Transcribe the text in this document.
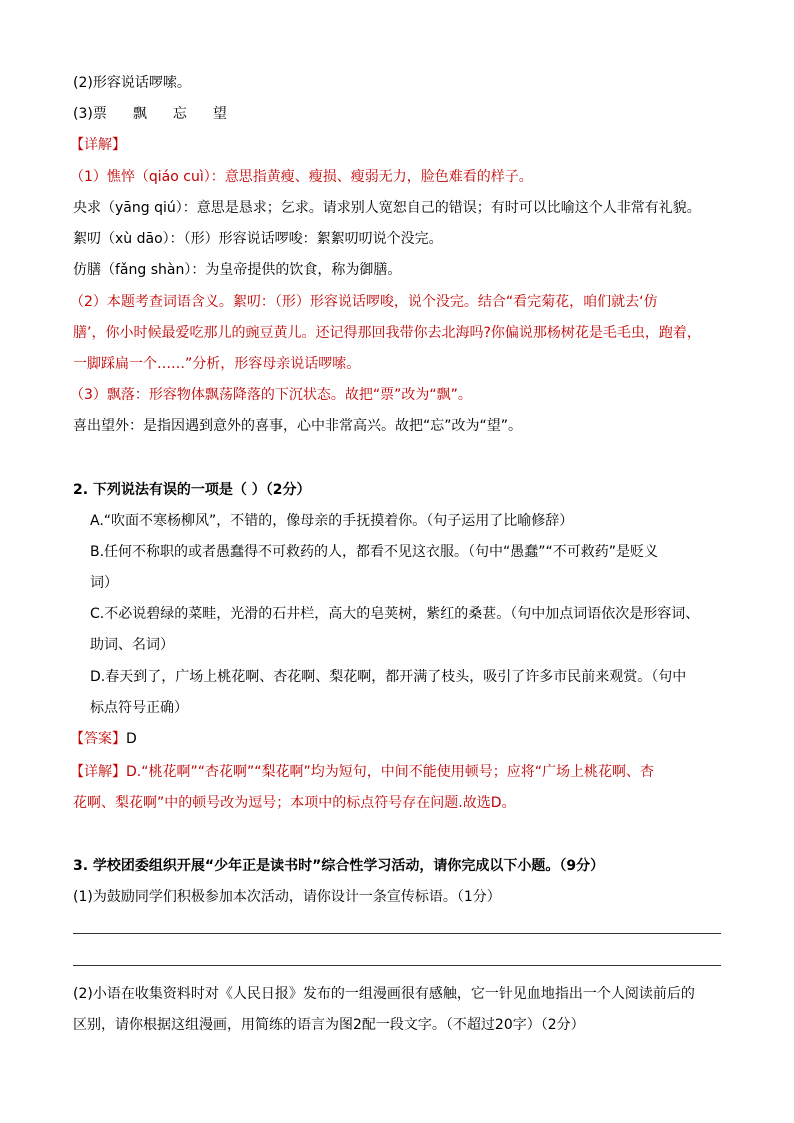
(2)形容说话啰嗦。
(3)票 飘 忘 望
【详解】
（1）憔悴（qiáo cuì）：意思指黄瘦、瘦损、瘦弱无力，脸色难看的样子。
央求（yāng qiú）：意思是恳求；乞求。请求别人宽恕自己的错误；有时可以比喻这个人非常有礼貌。
絮叨（xù dāo）：（形）形容说话啰唆：絮絮叨叨说个没完。
仿膳（fǎng shàn）：为皇帝提供的饮食，称为御膳。
（2）本题考查词语含义。絮叨：（形）形容说话啰唆，说个没完。结合“看完菊花，咱们就去‘仿
膳’，你小时候最爱吃那儿的豌豆黄儿。还记得那回我带你去北海吗?你偏说那杨树花是毛毛虫，跑着，
一脚踩扁一个……”分析，形容母亲说话啰嗦。
（3）飘落：形容物体飘荡降落的下沉状态。故把“票”改为“飘”。
喜出望外：是指因遇到意外的喜事，心中非常高兴。故把“忘”改为“望”。
2. 下列说法有误的一项是（ ）（2分）
A.“吹面不寒杨柳风”，不错的，像母亲的手抚摸着你。（句子运用了比喻修辞）
B.任何不称职的或者愚蠢得不可救药的人，都看不见这衣服。（句中“愚蠢”“不可救药”是贬义
词）
C.不必说碧绿的菜畦，光滑的石井栏，高大的皂荚树，紫红的桑葚。（句中加点词语依次是形容词、
助词、名词）
D.春天到了，广场上桃花啊、杏花啊、梨花啊，都开满了枝头，吸引了许多市民前来观赏。（句中
标点符号正确）
【答案】D
【详解】D.“桃花啊”“杏花啊”“梨花啊”均为短句，中间不能使用顿号；应将“广场上桃花啊、杏
花啊、梨花啊”中的顿号改为逗号；本项中的标点符号存在问题.故选D。
3. 学校团委组织开展“少年正是读书时”综合性学习活动，请你完成以下小题。（9分）
(1)为鼓励同学们积极参加本次活动，请你设计一条宣传标语。（1分）
(2)小语在收集资料时对《人民日报》发布的一组漫画很有感触，它一针见血地指出一个人阅读前后的
区别，请你根据这组漫画，用简练的语言为图2配一段文字。（不超过20字）（2分）
